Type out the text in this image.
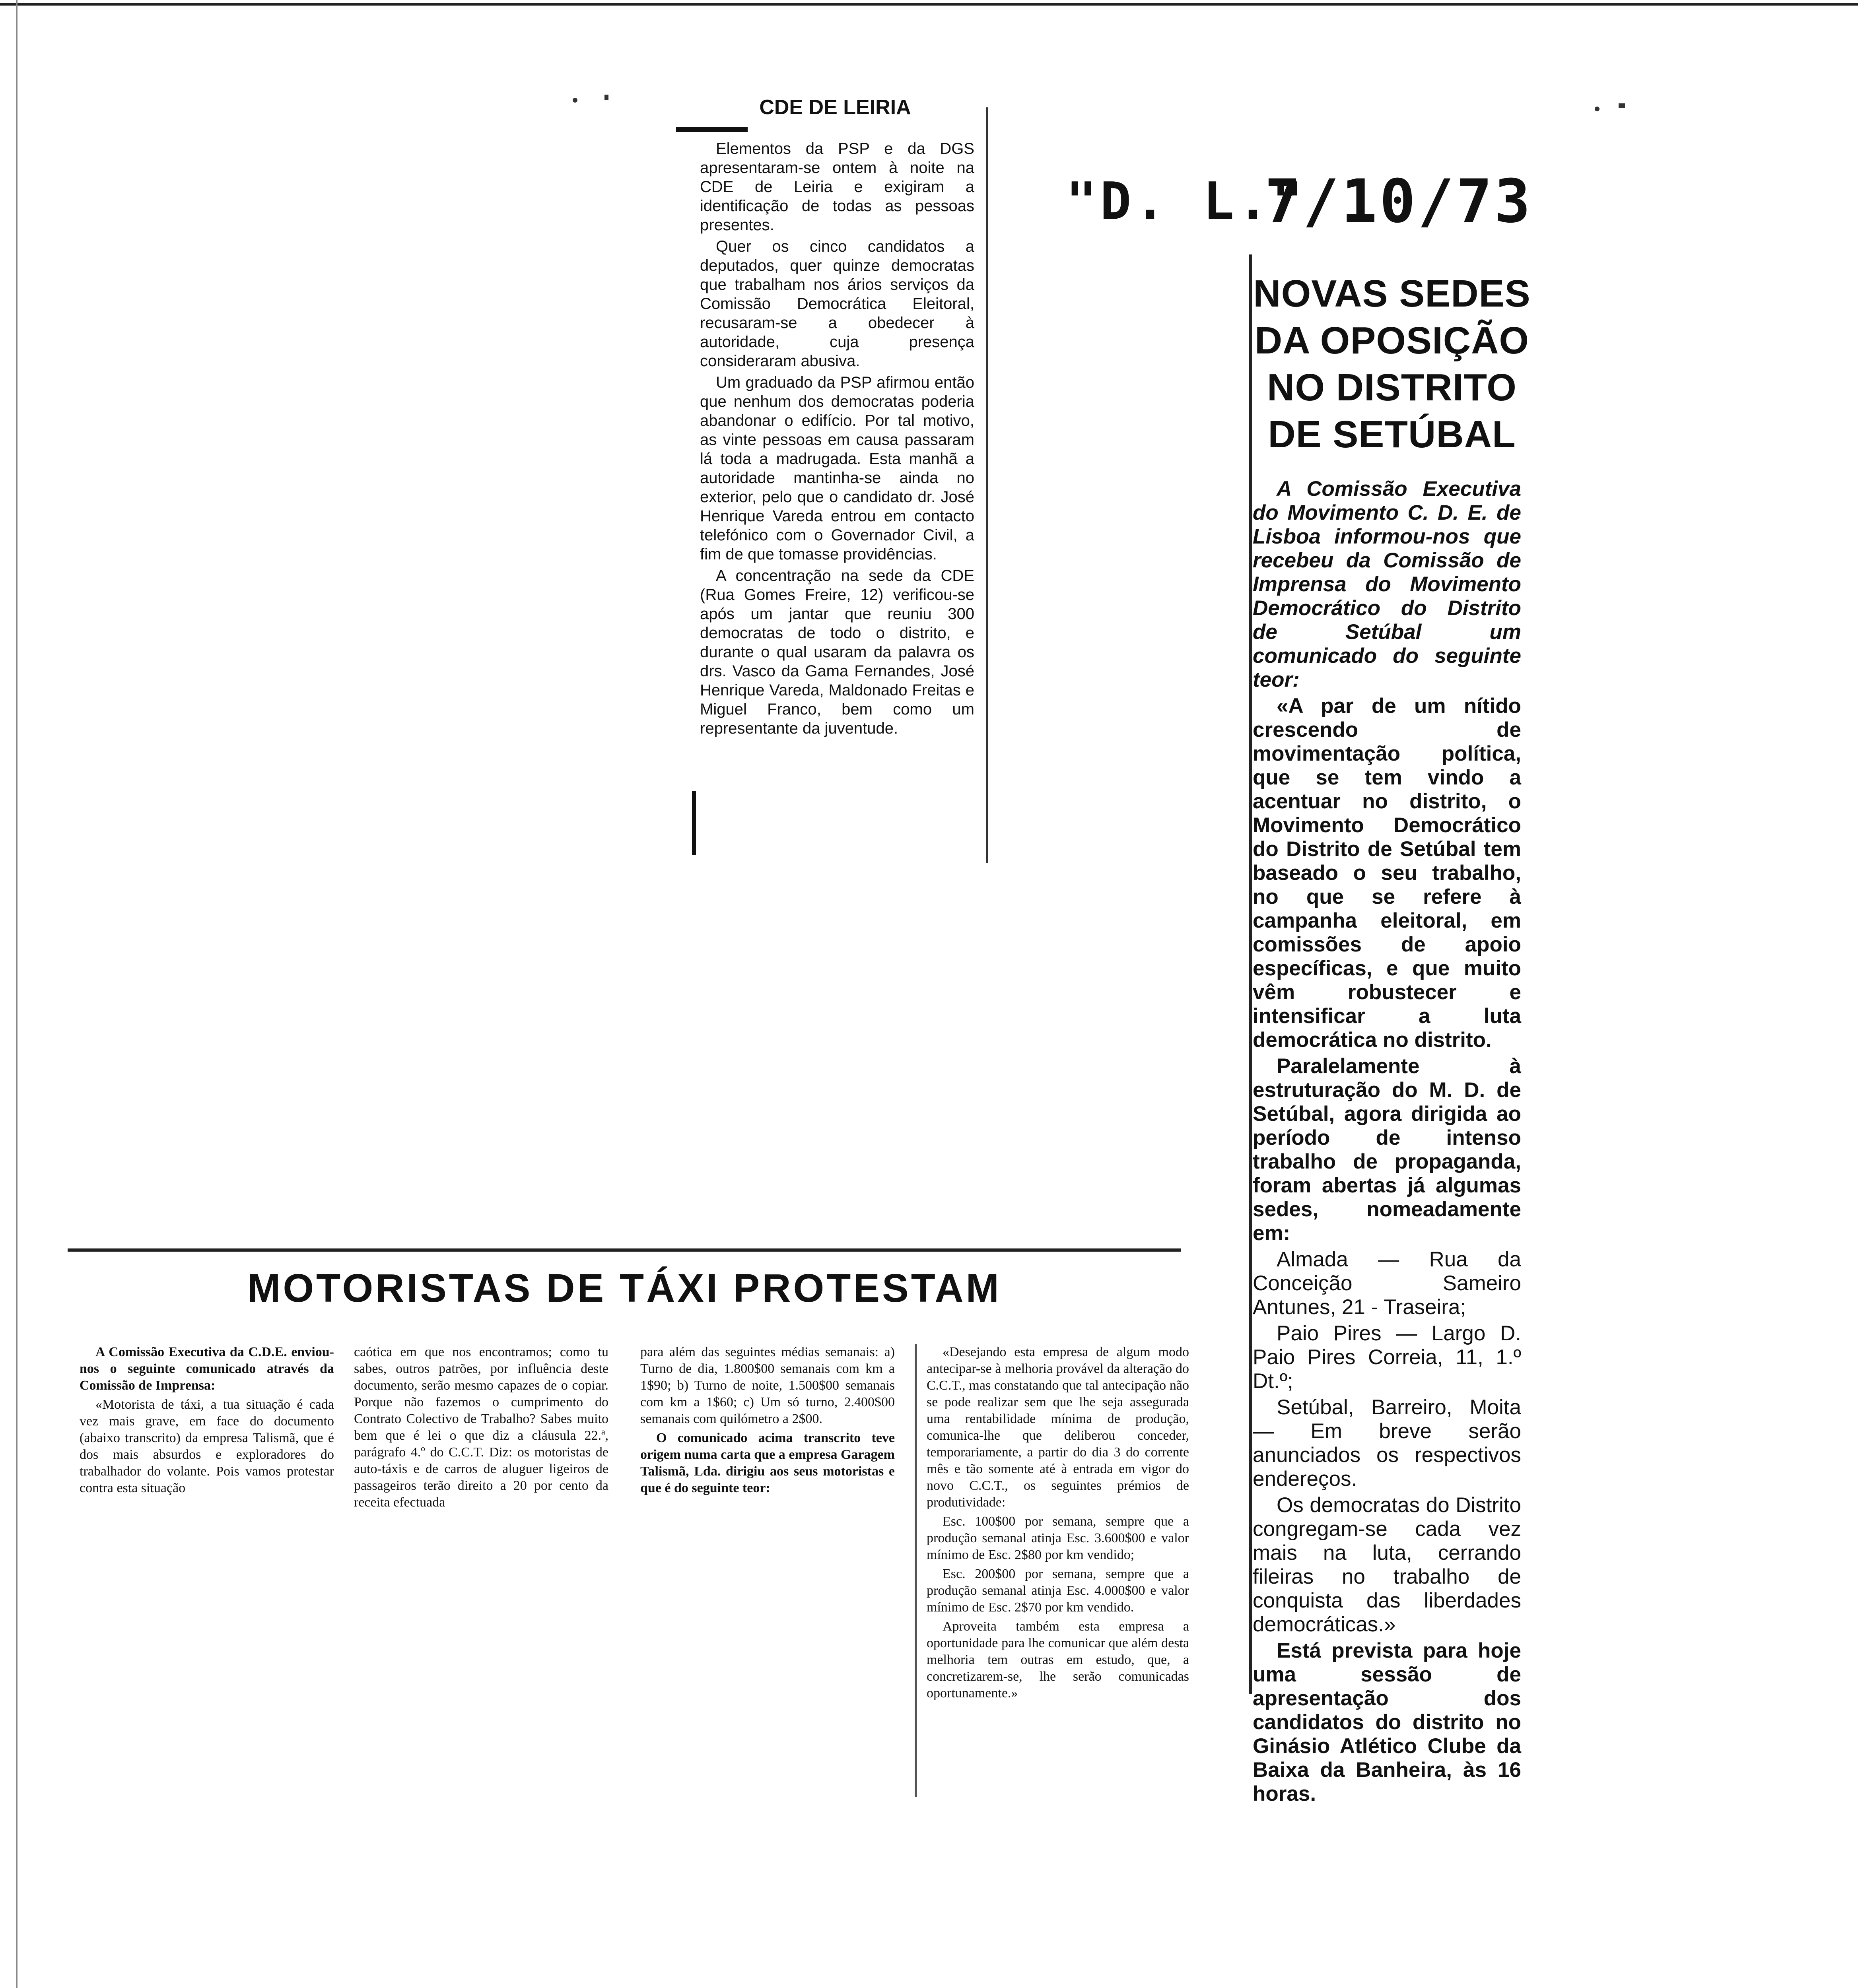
"D. L."
7/10/73
CDE DE LEIRIA

Elementos da PSP e da DGS apresentaram-se ontem à noite na CDE de Leiria e exigiram a identificação de todas as pessoas presentes.

Quer os cinco candidatos a deputados, quer quinze democratas que trabalham nos ários serviços da Comissão Democrática Eleitoral, recusaram-se a obedecer à autoridade, cuja presença consideraram abusiva.

Um graduado da PSP afirmou então que nenhum dos democratas poderia abandonar o edifício. Por tal motivo, as vinte pessoas em causa passaram lá toda a madrugada. Esta manhã a autoridade mantinha-se ainda no exterior, pelo que o candidato dr. José Henrique Vareda entrou em contacto telefónico com o Governador Civil, a fim de que tomasse providências.

A concentração na sede da CDE (Rua Gomes Freire, 12) verificou-se após um jantar que reuniu 300 democratas de todo o distrito, e durante o qual usaram da palavra os drs. Vasco da Gama Fernandes, José Henrique Vareda, Maldonado Freitas e Miguel Franco, bem como um representante da juventude.

NOVAS SEDES DA OPOSIÇÃO NO DISTRITO DE SETÚBAL

A Comissão Executiva do Movimento C. D. E. de Lisboa informou-nos que recebeu da Comissão de Imprensa do Movimento Democrático do Distrito de Setúbal um comunicado do seguinte teor:

«A par de um nítido crescendo de movimentação política, que se tem vindo a acentuar no distrito, o Movimento Democrático do Distrito de Setúbal tem baseado o seu trabalho, no que se refere à campanha eleitoral, em comissões de apoio específicas, e que muito vêm robustecer e intensificar a luta democrática no distrito.

Paralelamente à estruturação do M. D. de Setúbal, agora dirigida ao período de intenso trabalho de propaganda, foram abertas já algumas sedes, nomeadamente em:

Almada — Rua da Conceição Sameiro Antunes, 21 - Traseira;

Paio Pires — Largo D. Paio Pires Correia, 11, 1.º Dt.º;

Setúbal, Barreiro, Moita — Em breve serão anunciados os respectivos endereços.

Os democratas do Distrito congregam-se cada vez mais na luta, cerrando fileiras no trabalho de conquista das liberdades democráticas.»

Está prevista para hoje uma sessão de apresentação dos candidatos do distrito no Ginásio Atlético Clube da Baixa da Banheira, às 16 horas.

MOTORISTAS DE TÁXI PROTESTAM

A Comissão Executiva da C.D.E. enviou-nos o seguinte comunicado através da Comissão de Imprensa:

«Motorista de táxi, a tua situação é cada vez mais grave, em face do documento (abaixo transcrito) da empresa Talismã, que é dos mais absurdos e exploradores do trabalhador do volante. Pois vamos protestar contra esta situação

caótica em que nos encontramos; como tu sabes, outros patrões, por influência deste documento, serão mesmo capazes de o copiar. Porque não fazemos o cumprimento do Contrato Colectivo de Trabalho? Sabes muito bem que é lei o que diz a cláusula 22.ª, parágrafo 4.º do C.C.T. Diz: os motoristas de auto-táxis e de carros de aluguer ligeiros de passageiros terão direito a 20 por cento da receita efectuada

para além das seguintes médias semanais: a) Turno de dia, 1.800$00 semanais com km a 1$90; b) Turno de noite, 1.500$00 semanais com km a 1$60; c) Um só turno, 2.400$00 semanais com quilómetro a 2$00.

O comunicado acima transcrito teve origem numa carta que a empresa Garagem Talismã, Lda. dirigiu aos seus motoristas e que é do seguinte teor:

«Desejando esta empresa de algum modo antecipar-se à melhoria provável da alteração do C.C.T., mas constatando que tal antecipação não se pode realizar sem que lhe seja assegurada uma rentabilidade mínima de produção, comunica-lhe que deliberou conceder, temporariamente, a partir do dia 3 do corrente mês e tão somente até à entrada em vigor do novo C.C.T., os seguintes prémios de produtividade:

Esc. 100$00 por semana, sempre que a produção semanal atinja Esc. 3.600$00 e valor mínimo de Esc. 2$80 por km vendido;

Esc. 200$00 por semana, sempre que a produção semanal atinja Esc. 4.000$00 e valor mínimo de Esc. 2$70 por km vendido.

Aproveita também esta empresa a oportunidade para lhe comunicar que além desta melhoria tem outras em estudo, que, a concretizarem-se, lhe serão comunicadas oportunamente.»
